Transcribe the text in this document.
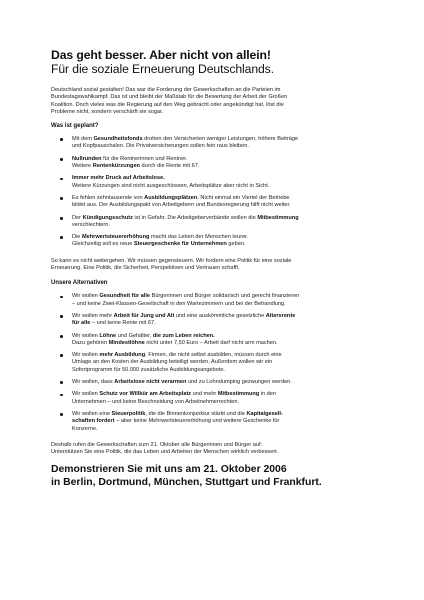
Das geht besser. Aber nicht von allein!
Für die soziale Erneuerung Deutschlands.

Deutschland sozial gestalten! Das war die Forderung der Gewerkschaften an die Parteien im
Bundestagswahlkampf. Das ist und bleibt der Maßstab für die Bewertung der Arbeit der Großen
Koalition. Doch vieles was die Regierung auf den Weg gebracht oder angekündigt hat, löst die
Probleme nicht, sondern verschärft sie sogar.

Was ist geplant?
Mit dem Gesundheitsfonds drohen den Versicherten weniger Leistungen, höhere Beiträge
und Kopfpauschalen. Die Privatversicherungen sollen fein raus bleiben.
Nullrunden für die Rentnerinnen und Rentner.
Weitere Rentenkürzungen durch die Rente mit 67.
Immer mehr Druck auf Arbeitslose.
Weitere Kürzungen sind nicht ausgeschlossen, Arbeitsplätze aber nicht in Sicht.
Es fehlen zehntausende von Ausbildungsplätzen. Nicht einmal ein Viertel der Betriebe
bildet aus. Der Ausbildungspakt von Arbeitgebern und Bundesregierung hilft nicht weiter.
Der Kündigungsschutz ist in Gefahr. Die Arbeitgeberverbände wollen die Mitbestimmung
verschlechtern.
Die Mehrwertsteuererhöhung macht das Leben der Menschen teurer.
Gleichzeitig soll es neue Steuergeschenke für Unternehmen geben.

So kann es nicht weitergehen. Wir müssen gegensteuern. Wir fordern eine Politik für eine soziale
Erneuerung. Eine Politik, die Sicherheit, Perspektiven und Vertrauen schafft.

Unsere Alternativen
Wir wollen Gesundheit für alle Bürgerinnen und Bürger solidarisch und gerecht finanzieren
– und keine Zwei-Klassen-Gesellschaft in den Wartezimmern und bei der Behandlung.
Wir wollen mehr Arbeit für Jung und Alt und eine auskömmliche gesetzliche Altersrente
für alle – und keine Rente mit 67.
Wir wollen Löhne und Gehälter, die zum Leben reichen.
Dazu gehören Mindestlöhne nicht unter 7,50 Euro – Arbeit darf nicht arm machen.
Wir wollen mehr Ausbildung. Firmen, die nicht selbst ausbilden, müssen durch eine
Umlage an den Kosten der Ausbildung beteiligt werden. Außerdem wollen wir ein
Sofortprogramm für 50.000 zusätzliche Ausbildungsangebote.
Wir wollen, dass Arbeitslose nicht verarmen und zu Lohndumping gezwungen werden.
Wir wollen Schutz vor Willkür am Arbeitsplatz und mehr Mitbestimmung in den
Unternehmen – und keine Beschneidung von Arbeitnehmerrechten.
Wir wollen eine Steuerpolitik, die die Binnenkonjunktur stärkt und die Kapitalgesell-
schaften fordert – aber keine Mehrwertsteuererhöhung und weitere Geschenke für
Konzerne.

Deshalb rufen die Gewerkschaften zum 21. Oktober alle Bürgerinnen und Bürger auf:
Unterstützen Sie eine Politik, die das Leben und Arbeiten der Menschen wirklich verbessert.

Demonstrieren Sie mit uns am 21. Oktober 2006
in Berlin, Dortmund, München, Stuttgart und Frankfurt.
